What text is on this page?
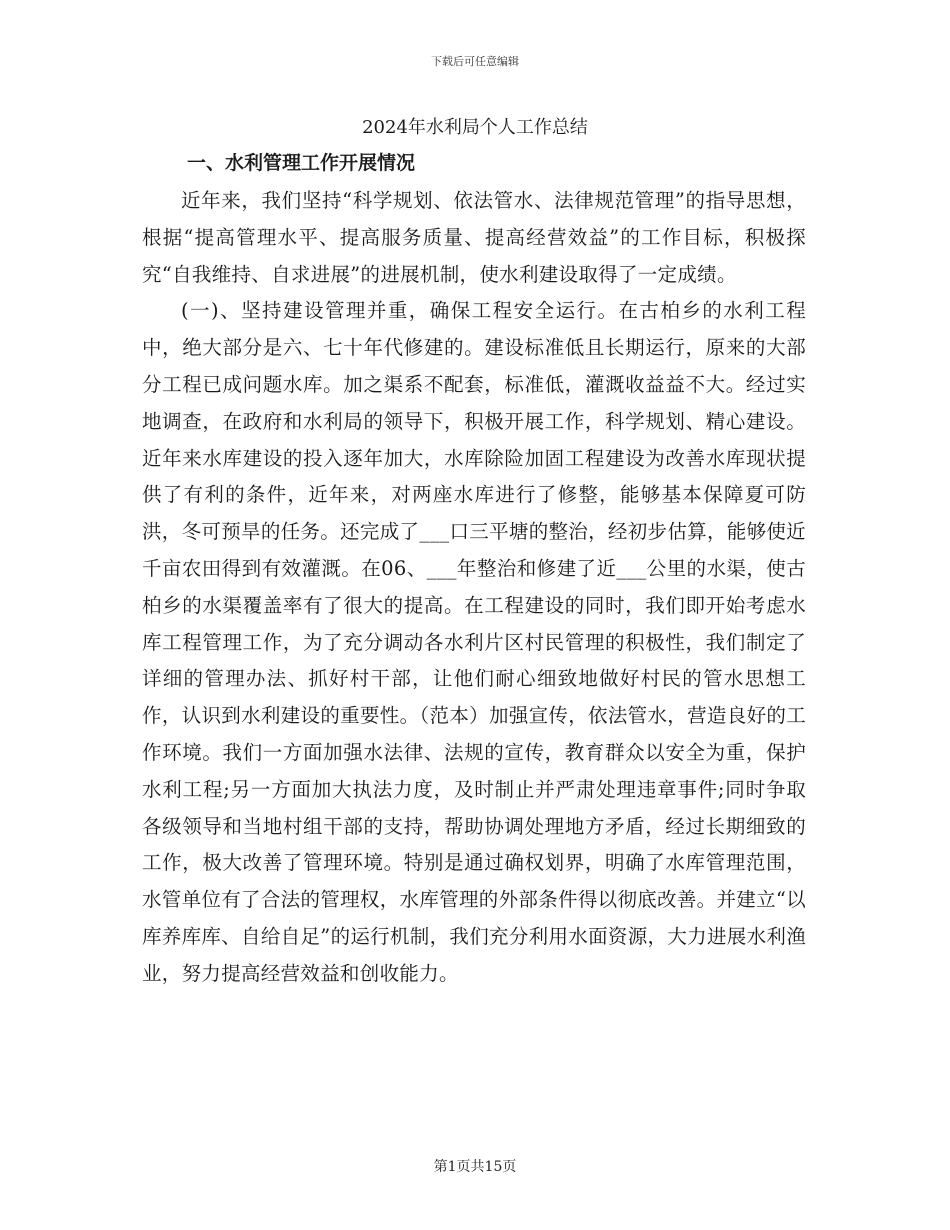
下载后可任意编辑
2024年水利局个人工作总结
一、水利管理工作开展情况

近年来，我们坚持“科学规划、依法管水、法律规范管理”的指导思想，根据“提高管理水平、提高服务质量、提高经营效益”的工作目标，积极探究“自我维持、自求进展”的进展机制，使水利建设取得了一定成绩。

(一)、坚持建设管理并重，确保工程安全运行。在古柏乡的水利工程中，绝大部分是六、七十年代修建的。建设标准低且长期运行，原来的大部分工程已成问题水库。加之渠系不配套，标准低，灌溉收益益不大。经过实地调查，在政府和水利局的领导下，积极开展工作，科学规划、精心建设。近年来水库建设的投入逐年加大，水库除险加固工程建设为改善水库现状提供了有利的条件，近年来，对两座水库进行了修整，能够基本保障夏可防洪，冬可预旱的任务。还完成了___口三平塘的整治，经初步估算，能够使近千亩农田得到有效灌溉。在06、___年整治和修建了近___公里的水渠，使古柏乡的水渠覆盖率有了很大的提高。在工程建设的同时，我们即开始考虑水库工程管理工作，为了充分调动各水利片区村民管理的积极性，我们制定了详细的管理办法、抓好村干部，让他们耐心细致地做好村民的管水思想工作，认识到水利建设的重要性。（范本）加强宣传，依法管水，营造良好的工作环境。我们一方面加强水法律、法规的宣传，教育群众以安全为重，保护水利工程;另一方面加大执法力度，及时制止并严肃处理违章事件;同时争取各级领导和当地村组干部的支持，帮助协调处理地方矛盾，经过长期细致的工作，极大改善了管理环境。特别是通过确权划界，明确了水库管理范围，水管单位有了合法的管理权，水库管理的外部条件得以彻底改善。并建立“以库养库库、自给自足”的运行机制，我们充分利用水面资源，大力进展水利渔业，努力提高经营效益和创收能力。

第1页共15页
